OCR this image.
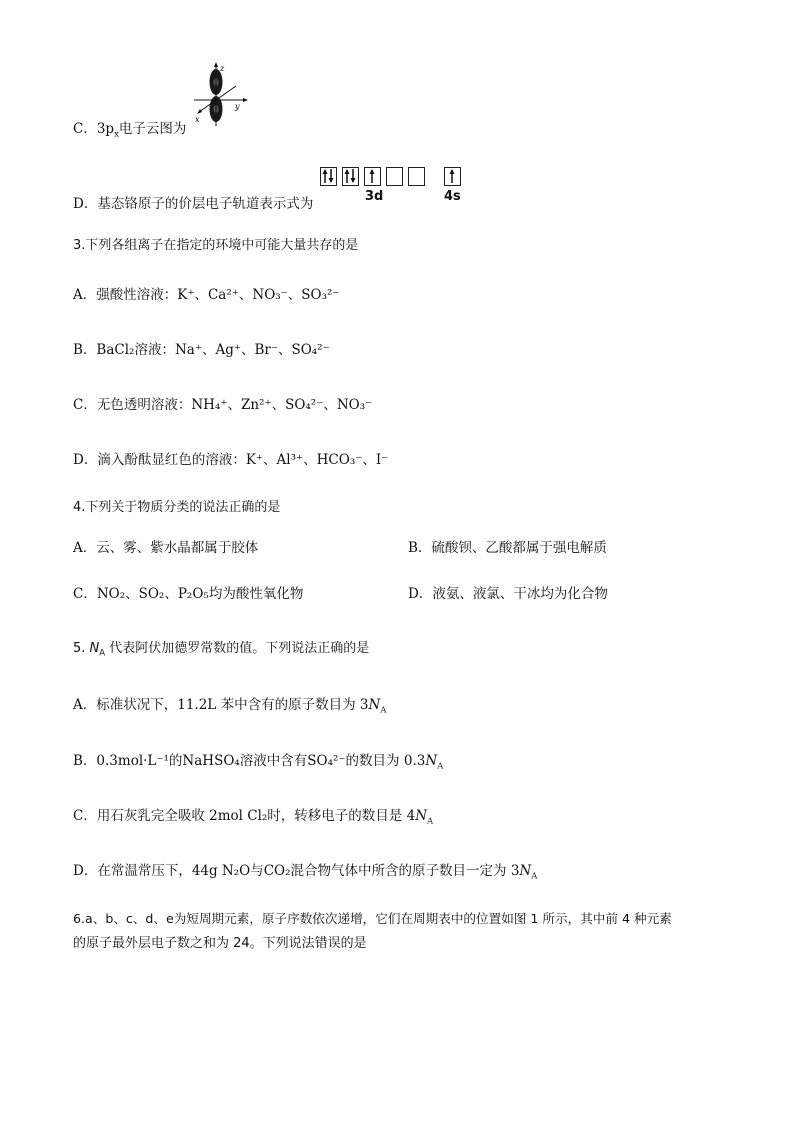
C．$3p_x$电子云图为
z
y
x
D．基态铬原子的价层电子轨道表示式为	3d	4s
3.下列各组离子在指定的环境中可能大量共存的是
A．强酸性溶液：K⁺、Ca²⁺、NO₃⁻、SO₃²⁻
B．BaCl₂溶液：Na⁺、Ag⁺、Br⁻、SO₄²⁻
C．无色透明溶液：NH₄⁺、Zn²⁺、SO₄²⁻、NO₃⁻
D．滴入酚酞显红色的溶液：K⁺、Al³⁺、HCO₃⁻、I⁻
4.下列关于物质分类的说法正确的是
A．云、雾、紫水晶都属于胶体	B．硫酸钡、乙酸都属于强电解质
C．NO₂、SO₂、P₂O₅均为酸性氧化物	D．液氨、液氯、干冰均为化合物
5. $N_A$ 代表阿伏加德罗常数的值。下列说法正确的是
A．标准状况下，11.2L 苯中含有的原子数目为 $3N_A$
B．0.3mol·L⁻¹的NaHSO₄溶液中含有SO₄²⁻的数目为 $0.3N_A$
C．用石灰乳完全吸收 2mol Cl₂时，转移电子的数目是 $4N_A$
D．在常温常压下，44g N₂O与CO₂混合物气体中所含的原子数目一定为 $3N_A$
6.a、b、c、d、e为短周期元素，原子序数依次递增，它们在周期表中的位置如图 1 所示，其中前 4 种元素
的原子最外层电子数之和为 24。下列说法错误的是
